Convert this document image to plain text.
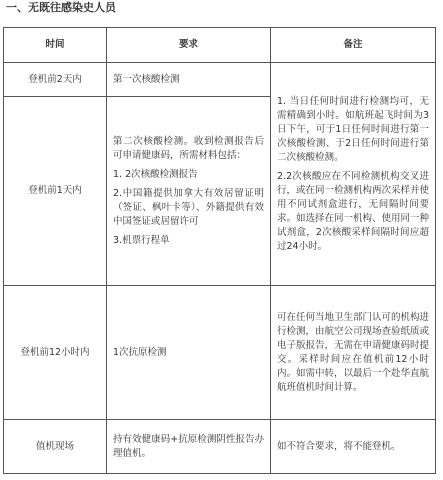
一、无既往感染史人员
时间	要求	备注
登机前2天内	第一次核酸检测	1. 当日任何时间进行检测均可，无需精确到小时。如航班起飞时间为3日下午，可于1日任何时间进行第一次核酸检测、于2日任何时间进行第二次核酸检测。

2.2次核酸应在不同检测机构交叉进行，或在同一检测机构两次采样并使用不同试剂盒进行，无间隔时间要求。如选择在同一机构、使用同一种试剂盒，2次核酸采样间隔时间应超过24小时。

登机前1天内	第二次核酸检测。收到检测报告后可申请健康码，所需材料包括：

1. 2次核酸检测报告

2.中国籍提供加拿大有效居留证明（签证、枫叶卡等）、外籍提供有效中国签证或居留许可

3.机票行程单	

登机前12小时内	1次抗原检测	可在任何当地卫生部门认可的机构进行检测，由航空公司现场查验纸质或电子版报告，无需在申请健康码时提交。采样时间应在值机前12小时内。如需中转，以最后一个赴华直航航班值机时间计算。

值机现场	持有效健康码+抗原检测阴性报告办理值机。	如不符合要求，将不能登机。
